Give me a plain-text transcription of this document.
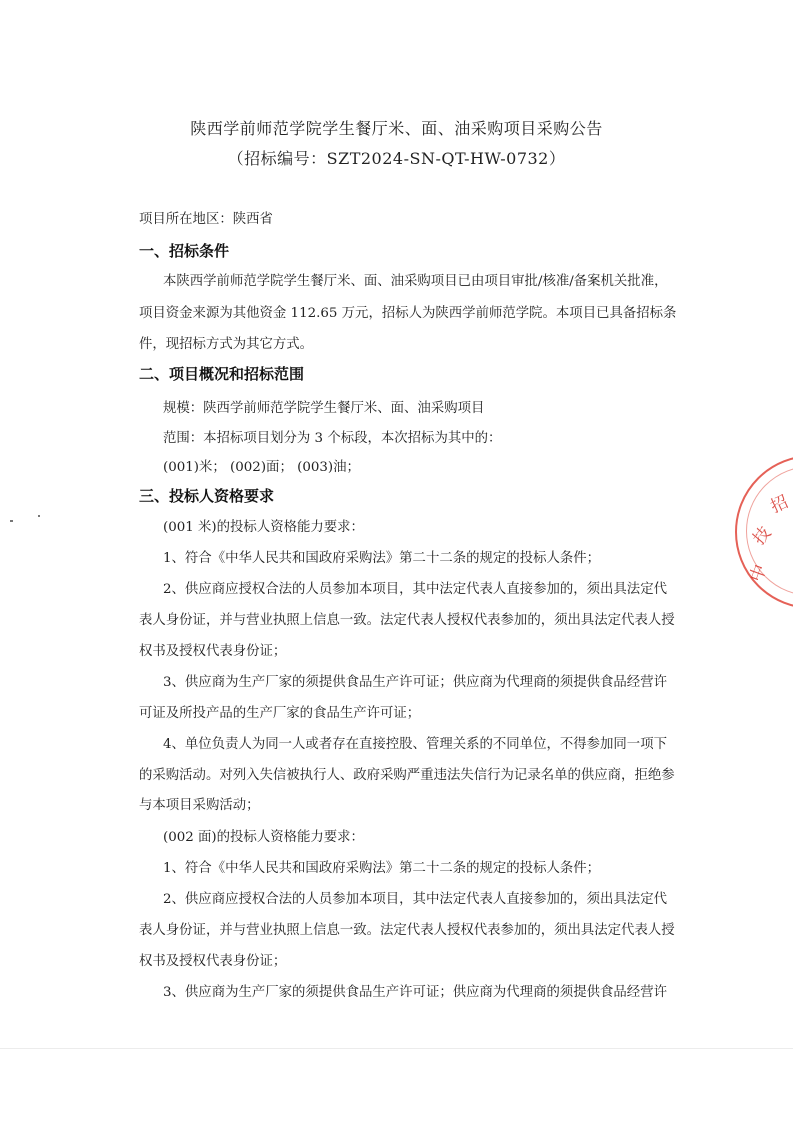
陕西学前师范学院学生餐厅米、面、油采购项目采购公告
（招标编号：SZT2024-SN-QT-HW-0732）
项目所在地区：陕西省
一、招标条件
本陕西学前师范学院学生餐厅米、面、油采购项目已由项目审批/核准/备案机关批准，
项目资金来源为其他资金 112.65 万元，招标人为陕西学前师范学院。本项目已具备招标条
件，现招标方式为其它方式。
二、项目概况和招标范围
规模：陕西学前师范学院学生餐厅米、面、油采购项目
范围：本招标项目划分为 3 个标段，本次招标为其中的：
(001)米； (002)面； (003)油；
三、投标人资格要求
(001 米)的投标人资格能力要求：
1、符合《中华人民共和国政府采购法》第二十二条的规定的投标人条件；
2、供应商应授权合法的人员参加本项目，其中法定代表人直接参加的，须出具法定代
表人身份证，并与营业执照上信息一致。法定代表人授权代表参加的，须出具法定代表人授
权书及授权代表身份证；
3、供应商为生产厂家的须提供食品生产许可证；供应商为代理商的须提供食品经营许
可证及所投产品的生产厂家的食品生产许可证；
4、单位负责人为同一人或者存在直接控股、管理关系的不同单位，不得参加同一项下
的采购活动。对列入失信被执行人、政府采购严重违法失信行为记录名单的供应商，拒绝参
与本项目采购活动；
(002 面)的投标人资格能力要求：
1、符合《中华人民共和国政府采购法》第二十二条的规定的投标人条件；
2、供应商应授权合法的人员参加本项目，其中法定代表人直接参加的，须出具法定代
表人身份证，并与营业执照上信息一致。法定代表人授权代表参加的，须出具法定代表人授
权书及授权代表身份证；
3、供应商为生产厂家的须提供食品生产许可证；供应商为代理商的须提供食品经营许
中
技
招
